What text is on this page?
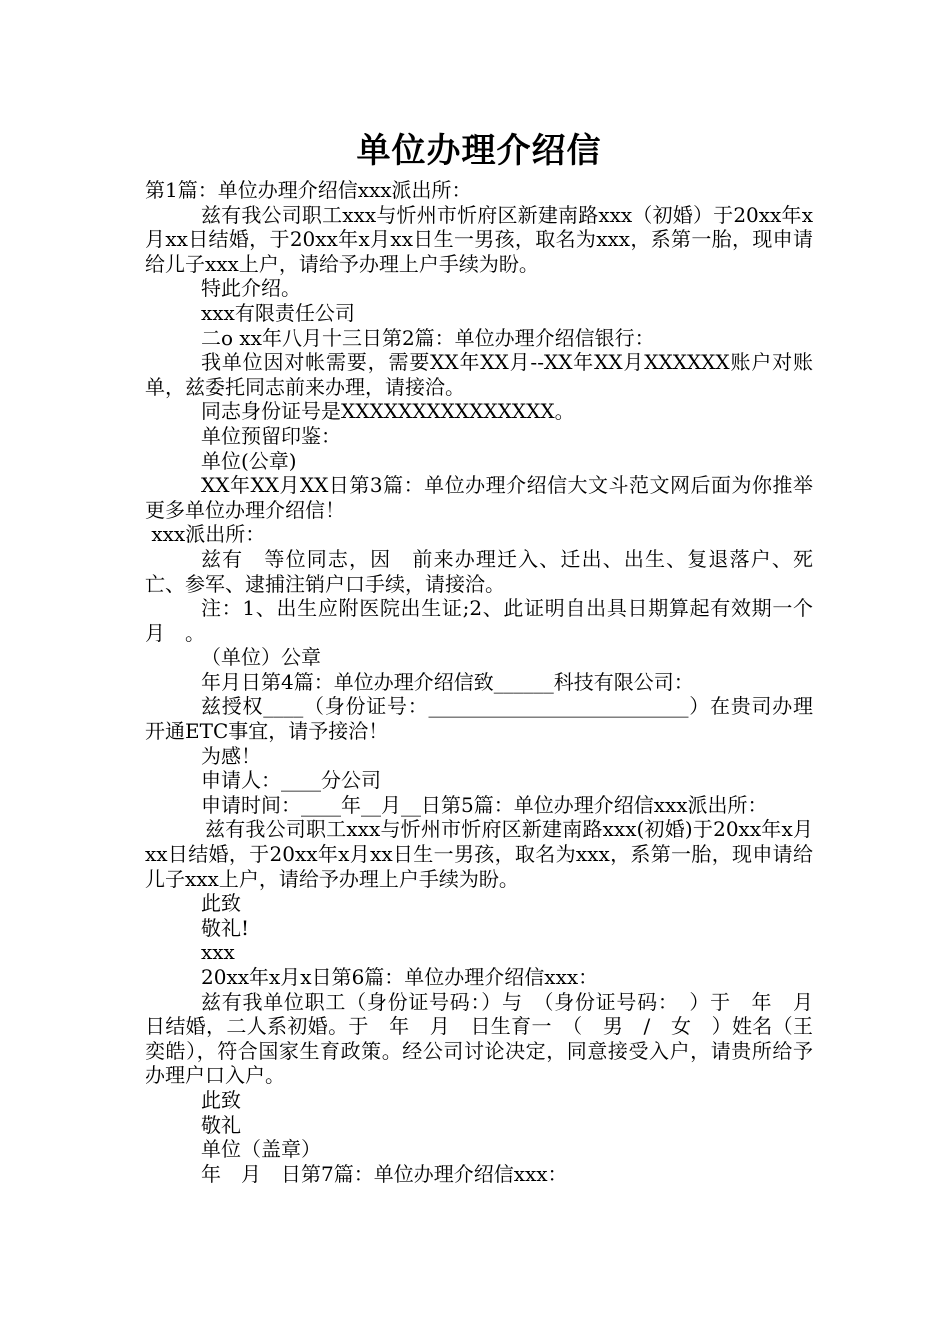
单位办理介绍信

第1篇：单位办理介绍信xxx派出所：

兹有我公司职工xxx与忻州市忻府区新建南路xxx（初婚）于20xx年x月xx日结婚，于20xx年x月xx日生一男孩，取名为xxx，系第一胎，现申请给儿子xxx上户，请给予办理上户手续为盼。

特此介绍。

xxx有限责任公司

二o xx年八月十三日第2篇：单位办理介绍信银行：

我单位因对帐需要，需要XX年XX月--XX年XX月XXXXXX账户对账单，兹委托同志前来办理，请接洽。

同志身份证号是XXXXXXXXXXXXXXX。

单位预留印鉴：

单位(公章)

XX年XX月XX日第3篇：单位办理介绍信大文斗范文网后面为你推举更多单位办理介绍信！

xxx派出所：

兹有　等位同志，因　前来办理迁入、迁出、出生、复退落户、死亡、参军、逮捕注销户口手续，请接洽。

注：1、出生应附医院出生证;2、此证明自出具日期算起有效期一个月　。

（单位）公章

年月日第4篇：单位办理介绍信致______科技有限公司：

兹授权____（身份证号：__________________________）在贵司办理开通ETC事宜，请予接洽！

为感！

申请人：____分公司

申请时间：____年__月__日第5篇：单位办理介绍信xxx派出所：

兹有我公司职工xxx与忻州市忻府区新建南路xxx(初婚)于20xx年x月xx日结婚，于20xx年x月xx日生一男孩，取名为xxx，系第一胎，现申请给儿子xxx上户，请给予办理上户手续为盼。

此致

敬礼!

xxx

20xx年x月x日第6篇：单位办理介绍信xxx：

兹有我单位职工（身份证号码：）与　（身份证号码：　）于　年　月　日结婚，二人系初婚。于　年　月　日生育一　（　男　/　女　）姓名（王奕皓），符合国家生育政策。经公司讨论决定，同意接受入户，请贵所给予办理户口入户。

此致

敬礼

单位（盖章）

年　月　日第7篇：单位办理介绍信xxx：
